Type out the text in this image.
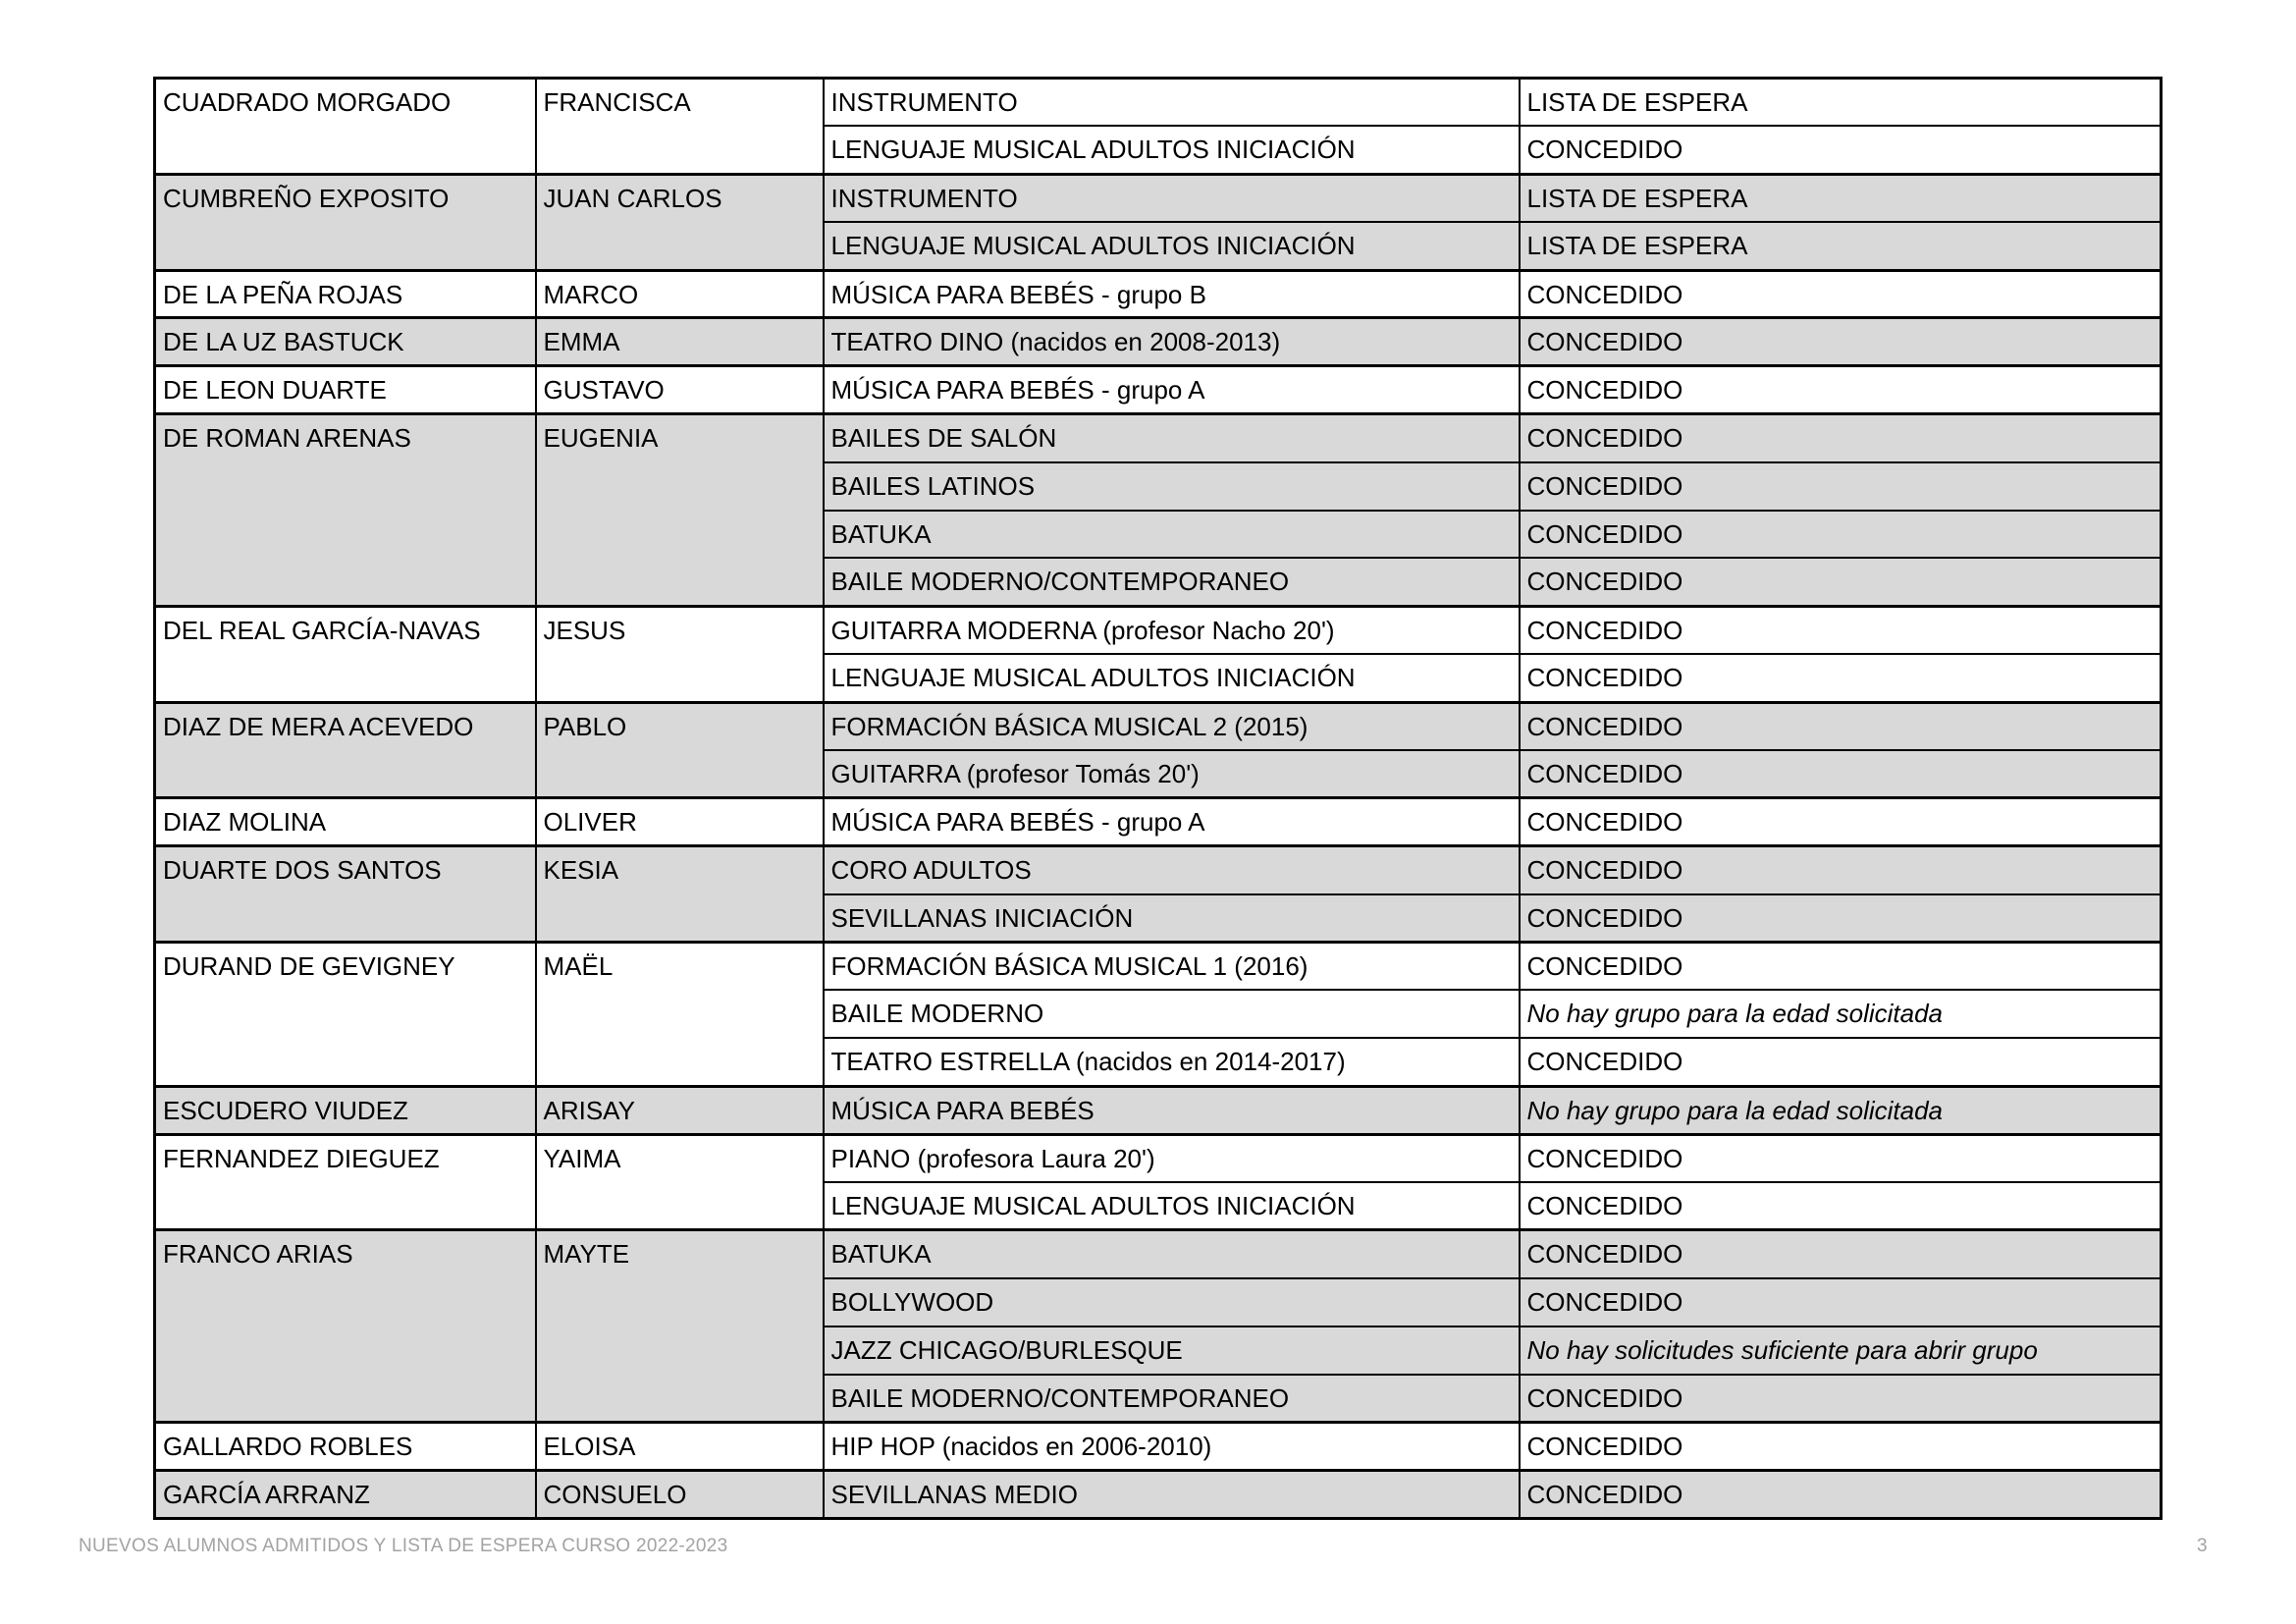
CUADRADO MORGADO	FRANCISCA	INSTRUMENTO	LISTA DE ESPERA
		LENGUAJE MUSICAL ADULTOS INICIACIÓN	CONCEDIDO
CUMBREÑO EXPOSITO	JUAN CARLOS	INSTRUMENTO	LISTA DE ESPERA
		LENGUAJE MUSICAL ADULTOS INICIACIÓN	LISTA DE ESPERA
DE LA PEÑA ROJAS	MARCO	MÚSICA PARA BEBÉS - grupo B	CONCEDIDO
DE LA UZ BASTUCK	EMMA	TEATRO DINO (nacidos en 2008-2013)	CONCEDIDO
DE LEON DUARTE	GUSTAVO	MÚSICA PARA BEBÉS - grupo A	CONCEDIDO
DE ROMAN ARENAS	EUGENIA	BAILES DE SALÓN	CONCEDIDO
		BAILES LATINOS	CONCEDIDO
		BATUKA	CONCEDIDO
		BAILE MODERNO/CONTEMPORANEO	CONCEDIDO
DEL REAL GARCÍA-NAVAS	JESUS	GUITARRA MODERNA (profesor Nacho 20')	CONCEDIDO
		LENGUAJE MUSICAL ADULTOS INICIACIÓN	CONCEDIDO
DIAZ DE MERA ACEVEDO	PABLO	FORMACIÓN BÁSICA MUSICAL 2 (2015)	CONCEDIDO
		GUITARRA (profesor Tomás 20')	CONCEDIDO
DIAZ MOLINA	OLIVER	MÚSICA PARA BEBÉS - grupo A	CONCEDIDO
DUARTE DOS SANTOS	KESIA	CORO ADULTOS	CONCEDIDO
		SEVILLANAS INICIACIÓN	CONCEDIDO
DURAND DE GEVIGNEY	MAËL	FORMACIÓN BÁSICA MUSICAL 1 (2016)	CONCEDIDO
		BAILE MODERNO	No hay grupo para la edad solicitada
		TEATRO ESTRELLA (nacidos en 2014-2017)	CONCEDIDO
ESCUDERO VIUDEZ	ARISAY	MÚSICA PARA BEBÉS	No hay grupo para la edad solicitada
FERNANDEZ DIEGUEZ	YAIMA	PIANO (profesora Laura 20')	CONCEDIDO
		LENGUAJE MUSICAL ADULTOS INICIACIÓN	CONCEDIDO
FRANCO ARIAS	MAYTE	BATUKA	CONCEDIDO
		BOLLYWOOD	CONCEDIDO
		JAZZ CHICAGO/BURLESQUE	No hay solicitudes suficiente para abrir grupo
		BAILE MODERNO/CONTEMPORANEO	CONCEDIDO
GALLARDO ROBLES	ELOISA	HIP HOP (nacidos en 2006-2010)	CONCEDIDO
GARCÍA ARRANZ	CONSUELO	SEVILLANAS MEDIO	CONCEDIDO
NUEVOS ALUMNOS ADMITIDOS Y LISTA DE ESPERA CURSO 2022-2023	3
